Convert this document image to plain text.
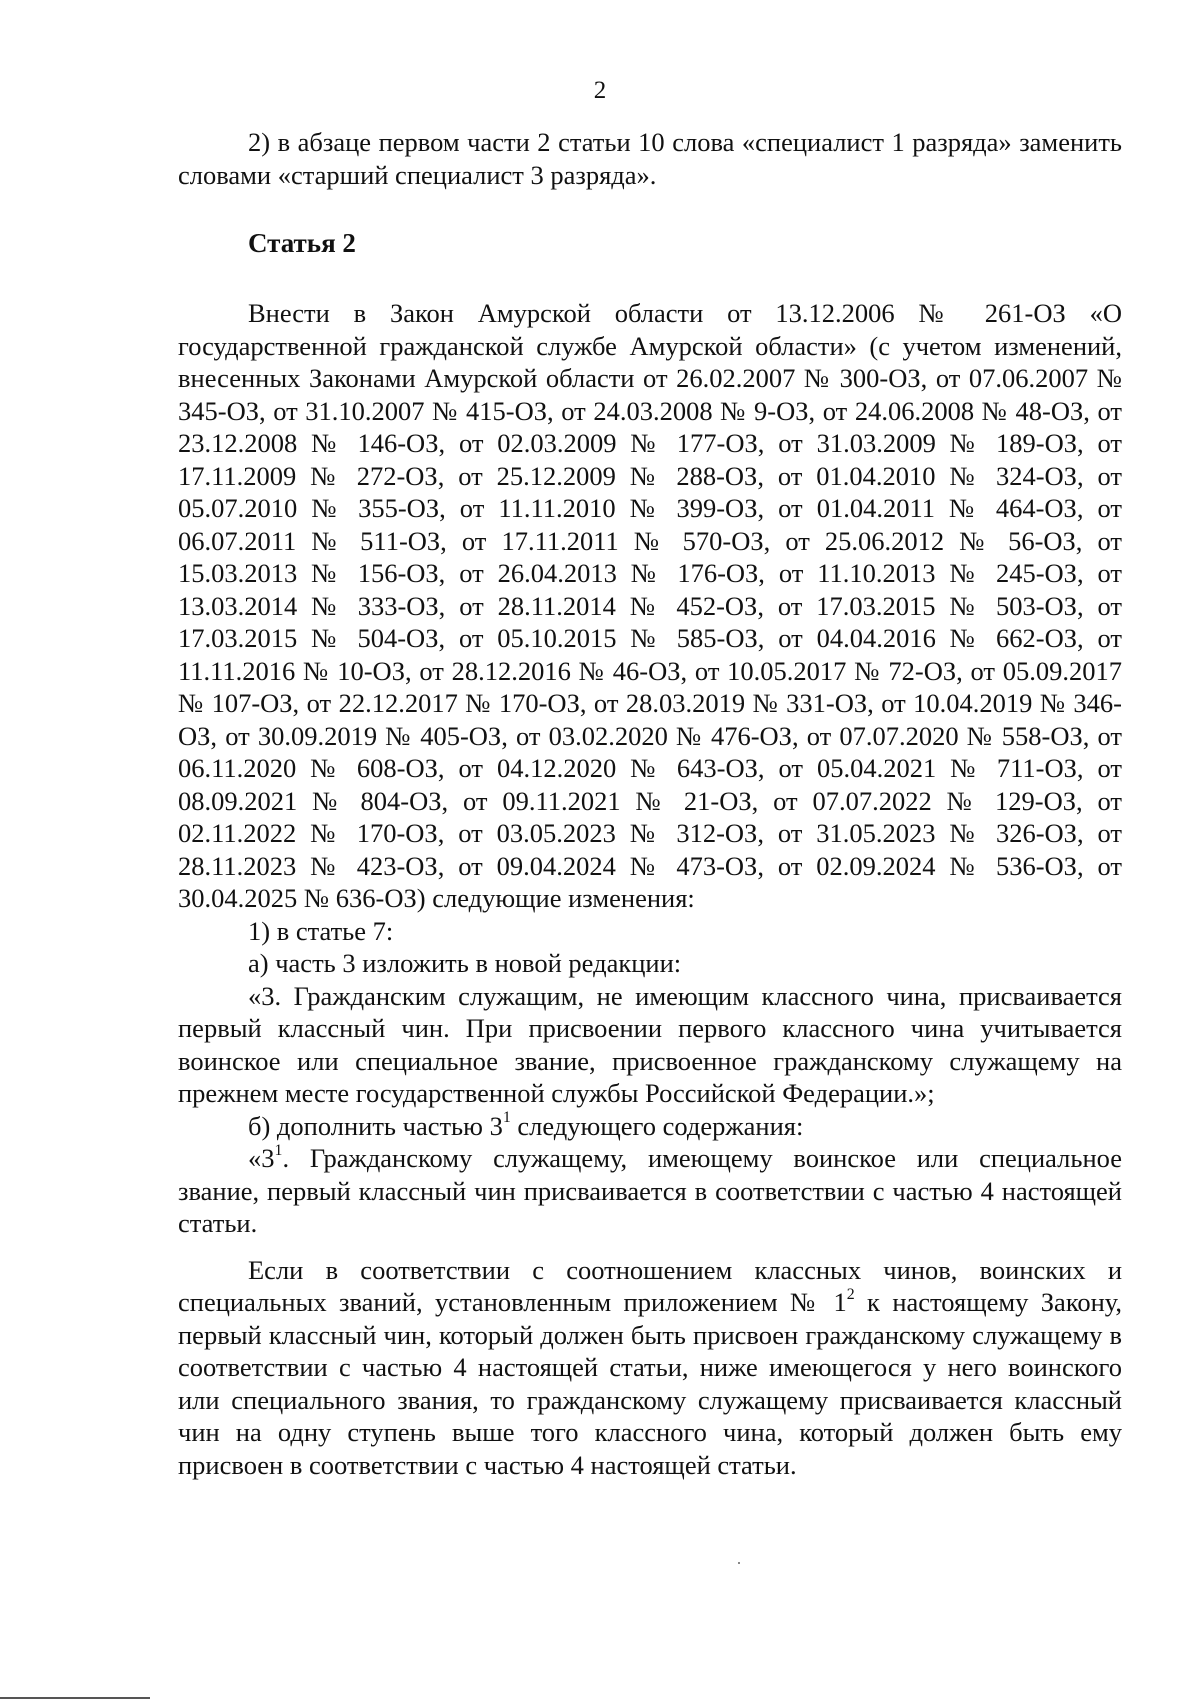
2

2) в абзаце первом части 2 статьи 10 слова «специалист 1 разряда» заменить словами «старший специалист 3 разряда».

Статья 2

Внести в Закон Амурской области от 13.12.2006 № 261-ОЗ «О государственной гражданской службе Амурской области» (с учетом изменений, внесенных Законами Амурской области от 26.02.2007 № 300-ОЗ, от 07.06.2007 № 345-ОЗ, от 31.10.2007 № 415-ОЗ, от 24.03.2008 № 9-ОЗ, от 24.06.2008 № 48-ОЗ, от 23.12.2008 № 146-ОЗ, от 02.03.2009 № 177-ОЗ, от 31.03.2009 № 189-ОЗ, от 17.11.2009 № 272-ОЗ, от 25.12.2009 № 288-ОЗ, от 01.04.2010 № 324-ОЗ, от 05.07.2010 № 355-ОЗ, от 11.11.2010 № 399-ОЗ, от 01.04.2011 № 464-ОЗ, от 06.07.2011 № 511-ОЗ, от 17.11.2011 № 570-ОЗ, от 25.06.2012 № 56-ОЗ, от 15.03.2013 № 156-ОЗ, от 26.04.2013 № 176-ОЗ, от 11.10.2013 № 245-ОЗ, от 13.03.2014 № 333-ОЗ, от 28.11.2014 № 452-ОЗ, от 17.03.2015 № 503-ОЗ, от 17.03.2015 № 504-ОЗ, от 05.10.2015 № 585-ОЗ, от 04.04.2016 № 662-ОЗ, от 11.11.2016 № 10-ОЗ, от 28.12.2016 № 46-ОЗ, от 10.05.2017 № 72-ОЗ, от 05.09.2017 № 107-ОЗ, от 22.12.2017 № 170-ОЗ, от 28.03.2019 № 331-ОЗ, от 10.04.2019 № 346-ОЗ, от 30.09.2019 № 405-ОЗ, от 03.02.2020 № 476-ОЗ, от 07.07.2020 № 558-ОЗ, от 06.11.2020 № 608-ОЗ, от 04.12.2020 № 643-ОЗ, от 05.04.2021 № 711-ОЗ, от 08.09.2021 № 804-ОЗ, от 09.11.2021 № 21-ОЗ, от 07.07.2022 № 129-ОЗ, от 02.11.2022 № 170-ОЗ, от 03.05.2023 № 312-ОЗ, от 31.05.2023 № 326-ОЗ, от 28.11.2023 № 423-ОЗ, от 09.04.2024 № 473-ОЗ, от 02.09.2024 № 536-ОЗ, от 30.04.2025 № 636-ОЗ) следующие изменения:

1) в статье 7:

а) часть 3 изложить в новой редакции:

«3. Гражданским служащим, не имеющим классного чина, присваивается первый классный чин. При присвоении первого классного чина учитывается воинское или специальное звание, присвоенное гражданскому служащему на прежнем месте государственной службы Российской Федерации.»;

б) дополнить частью $3^1$ следующего содержания:

«$3^1$. Гражданскому служащему, имеющему воинское или специальное звание, первый классный чин присваивается в соответствии с частью 4 настоящей статьи.

Если в соответствии с соотношением классных чинов, воинских и специальных званий, установленным приложением № $1^2$ к настоящему Закону, первый классный чин, который должен быть присвоен гражданскому служащему в соответствии с частью 4 настоящей статьи, ниже имеющегося у него воинского или специального звания, то гражданскому служащему присваивается классный чин на одну ступень выше того классного чина, который должен быть ему присвоен в соответствии с частью 4 настоящей статьи.
